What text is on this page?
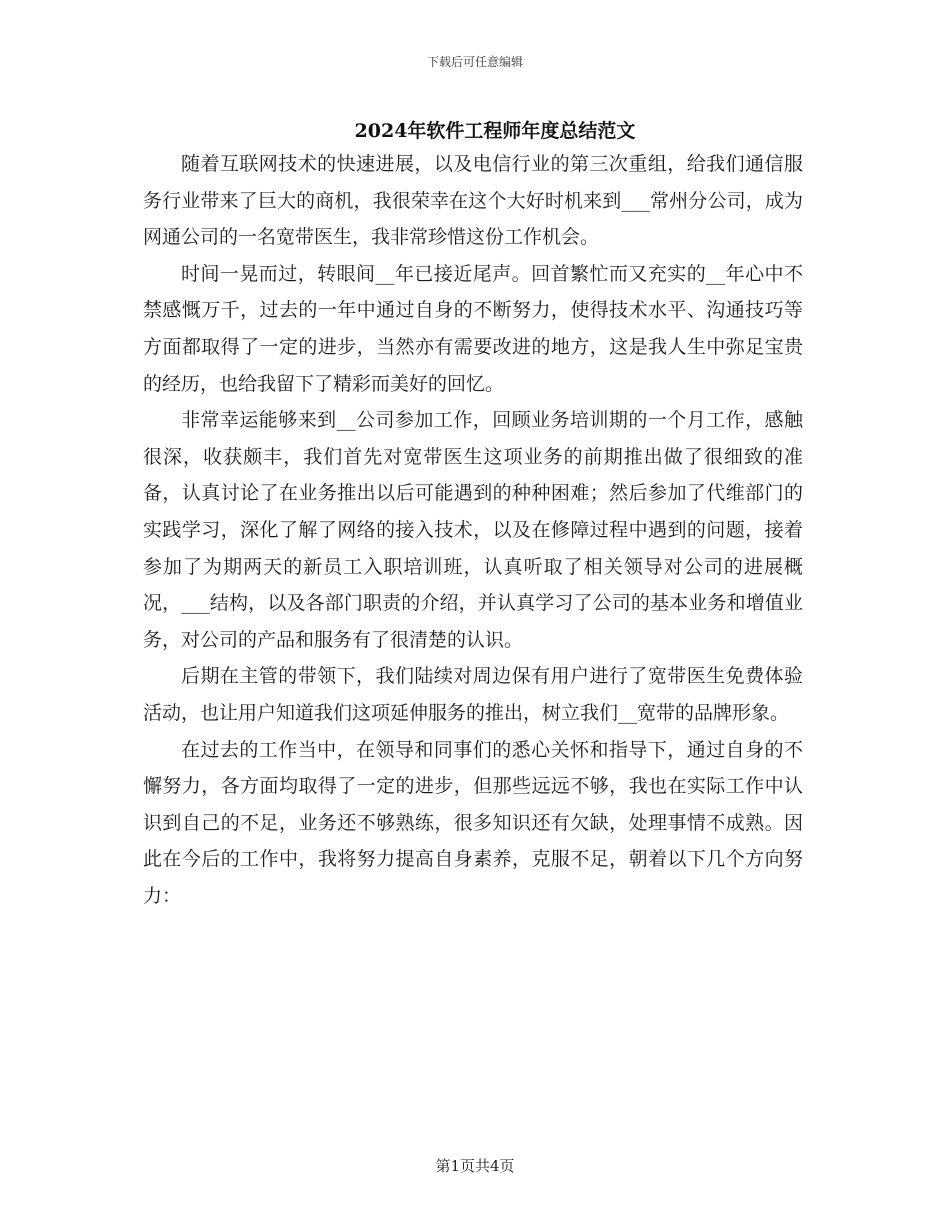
下载后可任意编辑
2024年软件工程师年度总结范文

随着互联网技术的快速进展，以及电信行业的第三次重组，给我们通信服务行业带来了巨大的商机，我很荣幸在这个大好时机来到___常州分公司，成为网通公司的一名宽带医生，我非常珍惜这份工作机会。

时间一晃而过，转眼间__年已接近尾声。回首繁忙而又充实的__年心中不禁感慨万千，过去的一年中通过自身的不断努力，使得技术水平、沟通技巧等方面都取得了一定的进步，当然亦有需要改进的地方，这是我人生中弥足宝贵的经历，也给我留下了精彩而美好的回忆。

非常幸运能够来到__公司参加工作，回顾业务培训期的一个月工作，感触很深，收获颇丰，我们首先对宽带医生这项业务的前期推出做了很细致的准备，认真讨论了在业务推出以后可能遇到的种种困难；然后参加了代维部门的实践学习，深化了解了网络的接入技术，以及在修障过程中遇到的问题，接着参加了为期两天的新员工入职培训班，认真听取了相关领导对公司的进展概况，___结构，以及各部门职责的介绍，并认真学习了公司的基本业务和增值业务，对公司的产品和服务有了很清楚的认识。

后期在主管的带领下，我们陆续对周边保有用户进行了宽带医生免费体验活动，也让用户知道我们这项延伸服务的推出，树立我们__宽带的品牌形象。

在过去的工作当中，在领导和同事们的悉心关怀和指导下，通过自身的不懈努力，各方面均取得了一定的进步，但那些远远不够，我也在实际工作中认识到自己的不足，业务还不够熟练，很多知识还有欠缺，处理事情不成熟。因此在今后的工作中，我将努力提高自身素养，克服不足，朝着以下几个方向努力：

第1页共4页
